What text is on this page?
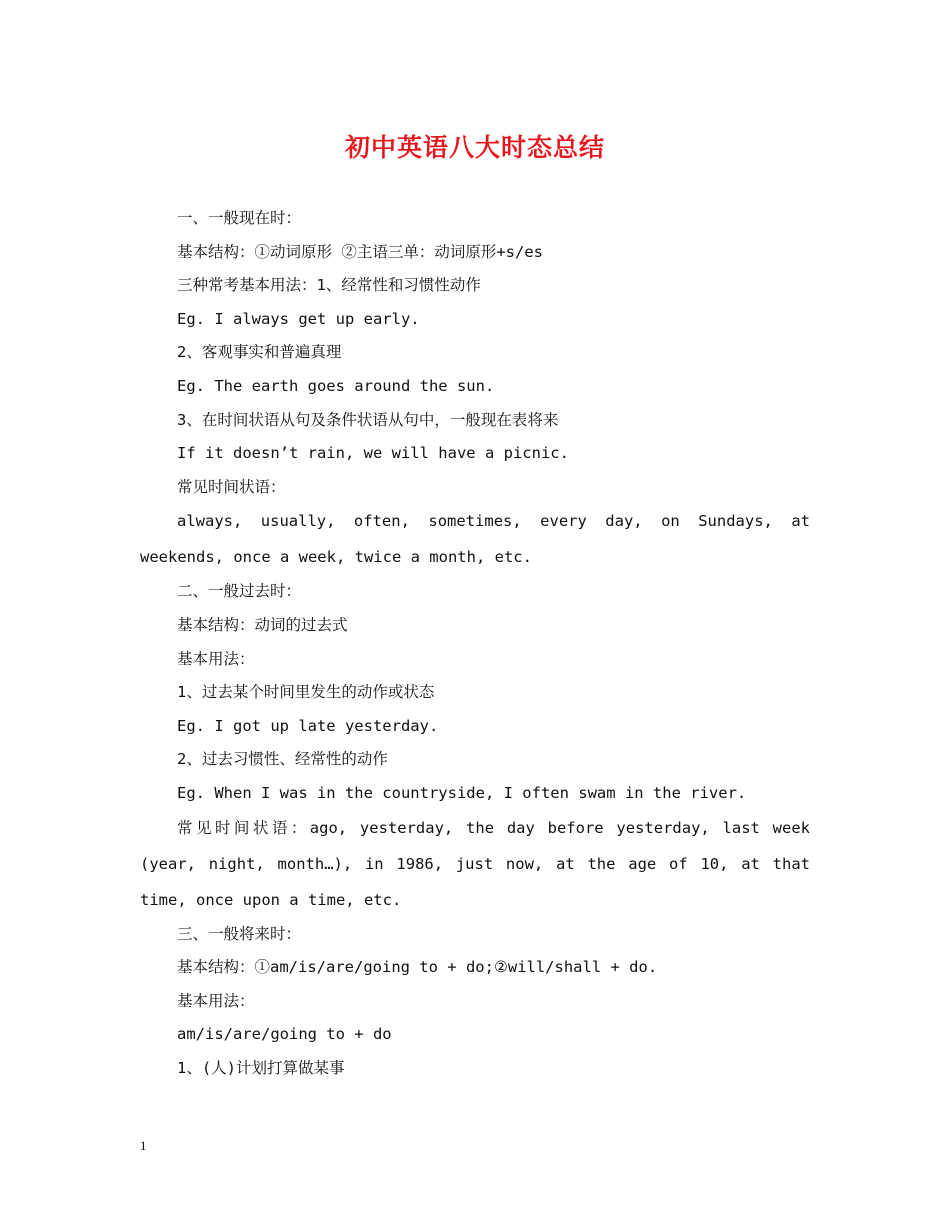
初中英语八大时态总结
一、一般现在时：
基本结构：①动词原形 ②主语三单：动词原形+s/es
三种常考基本用法：1、经常性和习惯性动作
Eg. I always get up early.
2、客观事实和普遍真理
Eg. The earth goes around the sun.
3、在时间状语从句及条件状语从句中，一般现在表将来
If it doesn’t rain, we will have a picnic.
常见时间状语：
always, usually, often, sometimes, every day, on Sundays, at weekends, once a week, twice a month, etc.
二、一般过去时：
基本结构：动词的过去式
基本用法：
1、过去某个时间里发生的动作或状态
Eg. I got up late yesterday.
2、过去习惯性、经常性的动作
Eg. When I was in the countryside, I often swam in the river.
常见时间状语：ago, yesterday, the day before yesterday, last week (year, night, month…), in 1986, just now, at the age of 10, at that time, once upon a time, etc.
三、一般将来时：
基本结构：①am/is/are/going to + do;②will/shall + do.
基本用法：
am/is/are/going to + do
1、(人)计划打算做某事
1
